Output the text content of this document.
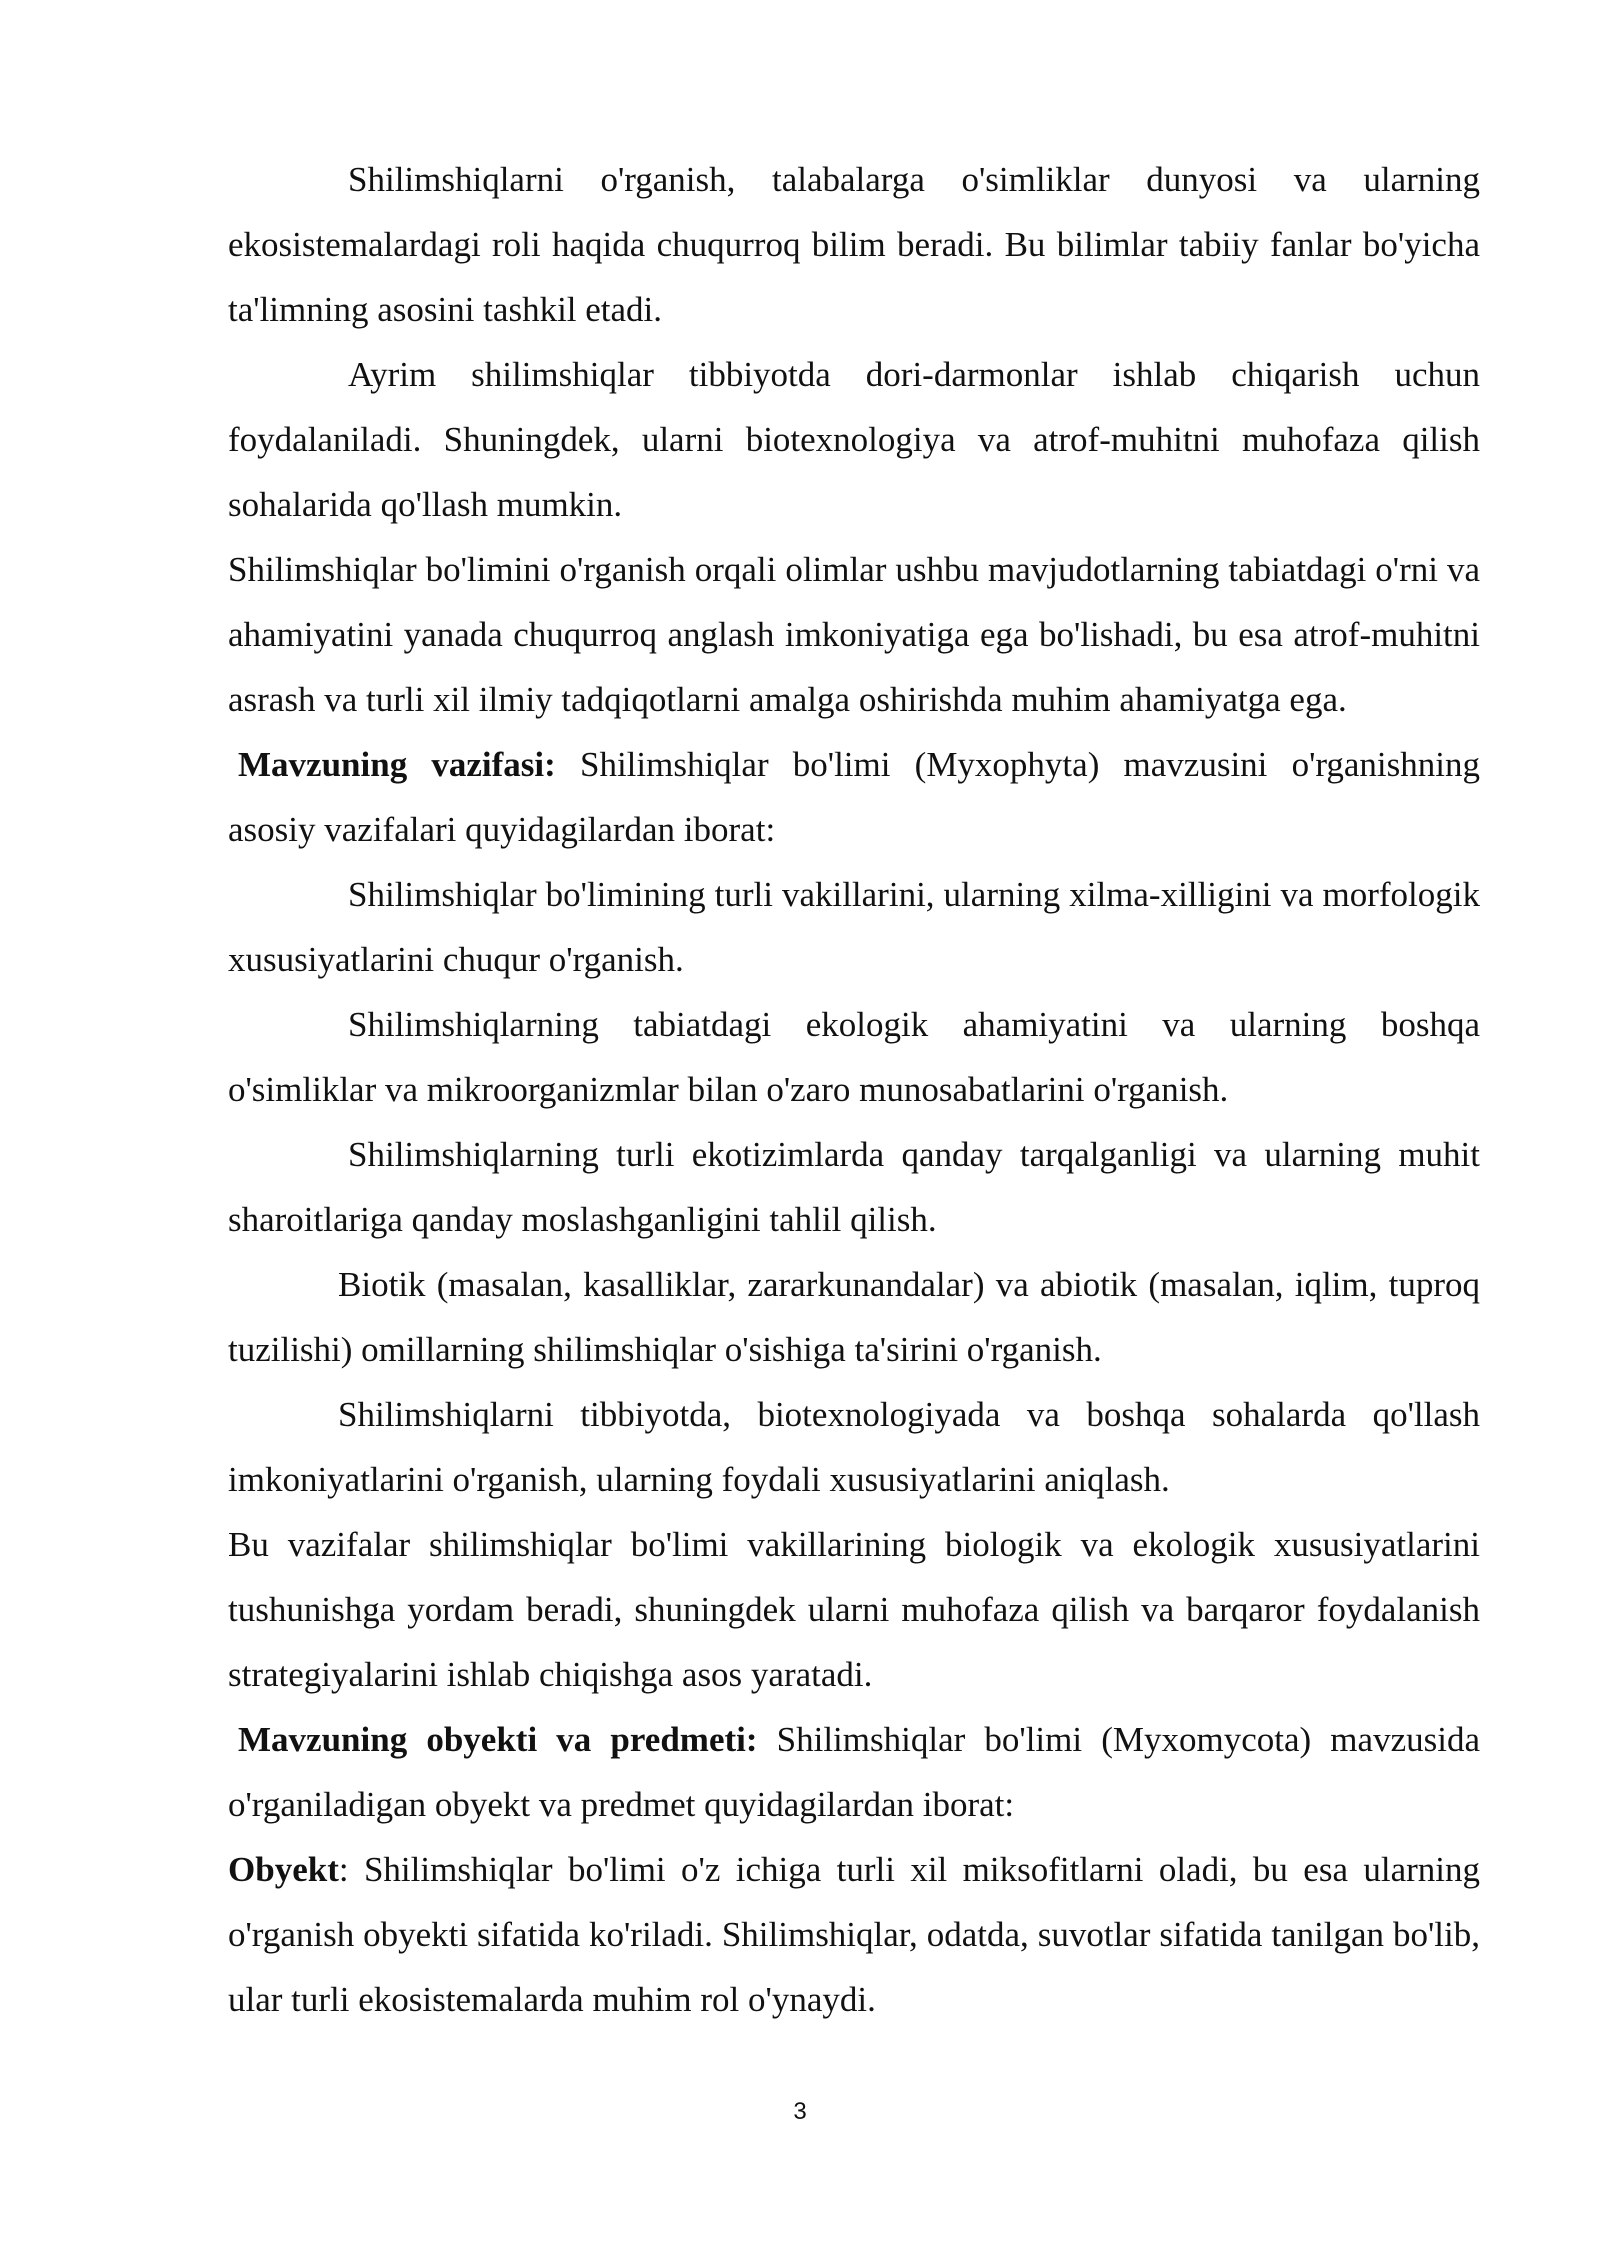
Shilimshiqlarni o'rganish, talabalarga o'simliklar dunyosi va ularning ekosistemalardagi roli haqida chuqurroq bilim beradi. Bu bilimlar tabiiy fanlar bo'yicha ta'limning asosini tashkil etadi.

Ayrim shilimshiqlar tibbiyotda dori-darmonlar ishlab chiqarish uchun foydalaniladi. Shuningdek, ularni biotexnologiya va atrof-muhitni muhofaza qilish sohalarida qo'llash mumkin.

Shilimshiqlar bo'limini o'rganish orqali olimlar ushbu mavjudotlarning tabiatdagi o'rni va ahamiyatini yanada chuqurroq anglash imkoniyatiga ega bo'lishadi, bu esa atrof-muhitni asrash va turli xil ilmiy tadqiqotlarni amalga oshirishda muhim ahamiyatga ega.

Mavzuning vazifasi: Shilimshiqlar bo'limi (Myxophyta) mavzusini o'rganishning asosiy vazifalari quyidagilardan iborat:

Shilimshiqlar bo'limining turli vakillarini, ularning xilma-xilligini va morfologik xususiyatlarini chuqur o'rganish.

Shilimshiqlarning tabiatdagi ekologik ahamiyatini va ularning boshqa o'simliklar va mikroorganizmlar bilan o'zaro munosabatlarini o'rganish.

Shilimshiqlarning turli ekotizimlarda qanday tarqalganligi va ularning muhit sharoitlariga qanday moslashganligini tahlil qilish.

Biotik (masalan, kasalliklar, zararkunandalar) va abiotik (masalan, iqlim, tuproq tuzilishi) omillarning shilimshiqlar o'sishiga ta'sirini o'rganish.

Shilimshiqlarni tibbiyotda, biotexnologiyada va boshqa sohalarda qo'llash imkoniyatlarini o'rganish, ularning foydali xususiyatlarini aniqlash.

Bu vazifalar shilimshiqlar bo'limi vakillarining biologik va ekologik xususiyatlarini tushunishga yordam beradi, shuningdek ularni muhofaza qilish va barqaror foydalanish strategiyalarini ishlab chiqishga asos yaratadi.

Mavzuning obyekti va predmeti: Shilimshiqlar bo'limi (Myxomycota) mavzusida o'rganiladigan obyekt va predmet quyidagilardan iborat:

Obyekt: Shilimshiqlar bo'limi o'z ichiga turli xil miksofitlarni oladi, bu esa ularning o'rganish obyekti sifatida ko'riladi. Shilimshiqlar, odatda, suvotlar sifatida tanilgan bo'lib, ular turli ekosistemalarda muhim rol o'ynaydi.

3
